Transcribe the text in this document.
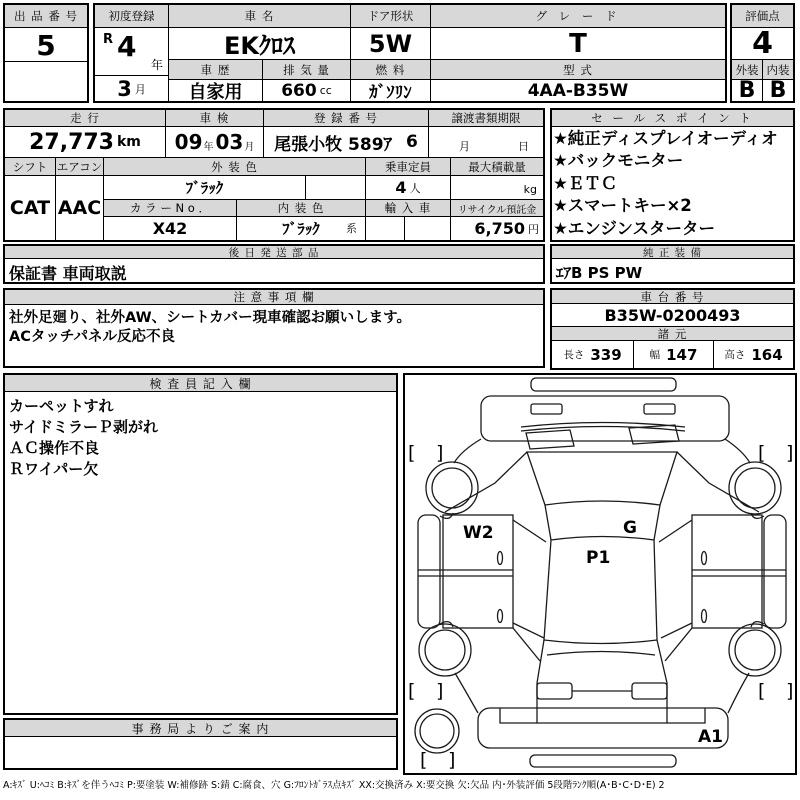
出 品 番 号
5
初度登録
R 4
年
3 月
車 名
EKｸﾛｽ
車 歴
自家用
排 気 量
660 cc
ドア形状
5W
燃 料
ｶﾞｿﾘﾝ
グ レ ー ド
T
型 式
4AA-B35W
評価点
4
外装 内装
B B
走 行	車 検	登 録 番 号	譲渡書類期限
27,773 km 09 年 03 月 尾張小牧 589ｱ 6	月	日
シフト エアコン
CAT AAC
外 装 色
ﾌﾞﾗｯｸ
乗車定員
4 人
最大積載量
kg
カ ラ ー N o ．
X42
内 装 色
ﾌﾞﾗｯｸ 系
輸 入 車	リサイクル預託金
6,750 円
セ ー ル ス ポ イ ン ト
★純正ディスプレイオーディオ
★バックモニター
★ＥＴＣ
★スマートキー×2
★エンジンスターター
後 日 発 送 部 品
保証書 車両取説
純 正 装 備
ｴｱB PS PW
注 意 事 項 欄
社外足廻り、社外AW、シートカバー現車確認お願いします。
ACタッチパネル反応不良
車 台 番 号
B35W-0200493
諸 元
長さ 339	幅 147	高さ 164
検 査 員 記 入 欄
カーペットすれ
サイドミラーＰ剥がれ
ＡＣ操作不良
Ｒワイパー欠
事 務 局 よ り ご 案 内
[ ]	[ ]
[ ]	[ ]
[ ]
W2	G
P1
A1
A:ｷｽﾞ U:ﾍｺﾐ B:ｷｽﾞを伴うﾍｺﾐ P:要塗装 W:補修跡 S:錆 C:腐食、穴 G:ﾌﾛﾝﾄｶﾞﾗｽ点ｷｽﾞ XX:交換済み X:要交換 欠:欠品 内･外装評価 5段階ﾗﾝｸ順(A･B･C･D･E) 2
